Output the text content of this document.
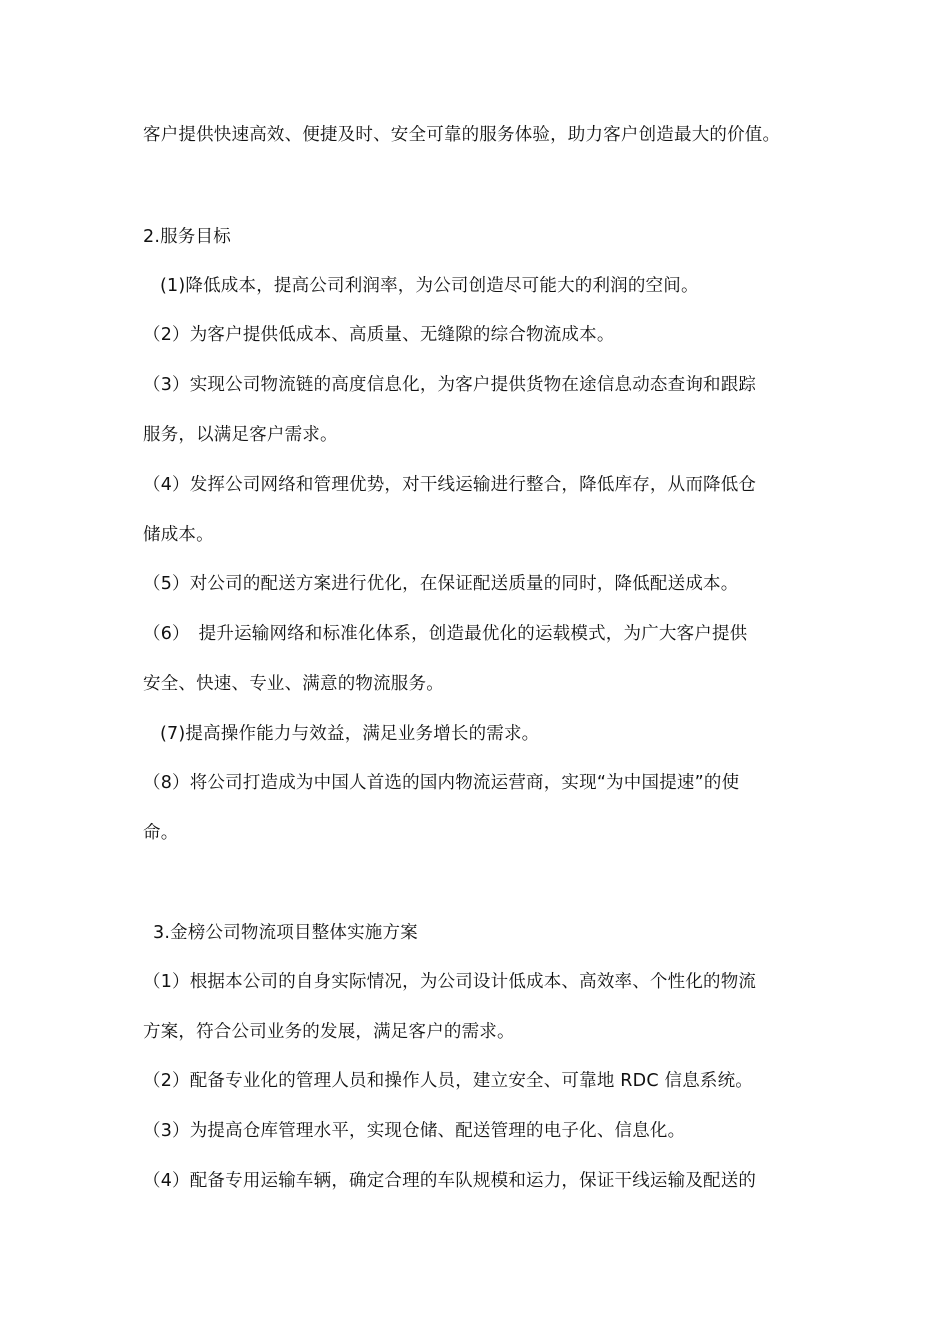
客户提供快速高效、便捷及时、安全可靠的服务体验，助力客户创造最大的价值。
2.服务目标
(1)降低成本，提高公司利润率，为公司创造尽可能大的利润的空间。
（2）为客户提供低成本、高质量、无缝隙的综合物流成本。
（3）实现公司物流链的高度信息化，为客户提供货物在途信息动态查询和跟踪
服务，以满足客户需求。
（4）发挥公司网络和管理优势，对干线运输进行整合，降低库存，从而降低仓
储成本。
（5）对公司的配送方案进行优化，在保证配送质量的同时，降低配送成本。
（6）　提升运输网络和标准化体系，创造最优化的运载模式，为广大客户提供
安全、快速、专业、满意的物流服务。
(7)提高操作能力与效益，满足业务增长的需求。
（8）将公司打造成为中国人首选的国内物流运营商，实现“为中国提速”的使
命。
3.金榜公司物流项目整体实施方案
（1）根据本公司的自身实际情况，为公司设计低成本、高效率、个性化的物流
方案，符合公司业务的发展，满足客户的需求。
（2）配备专业化的管理人员和操作人员，建立安全、可靠地 RDC 信息系统。
（3）为提高仓库管理水平，实现仓储、配送管理的电子化、信息化。
（4）配备专用运输车辆，确定合理的车队规模和运力，保证干线运输及配送的
